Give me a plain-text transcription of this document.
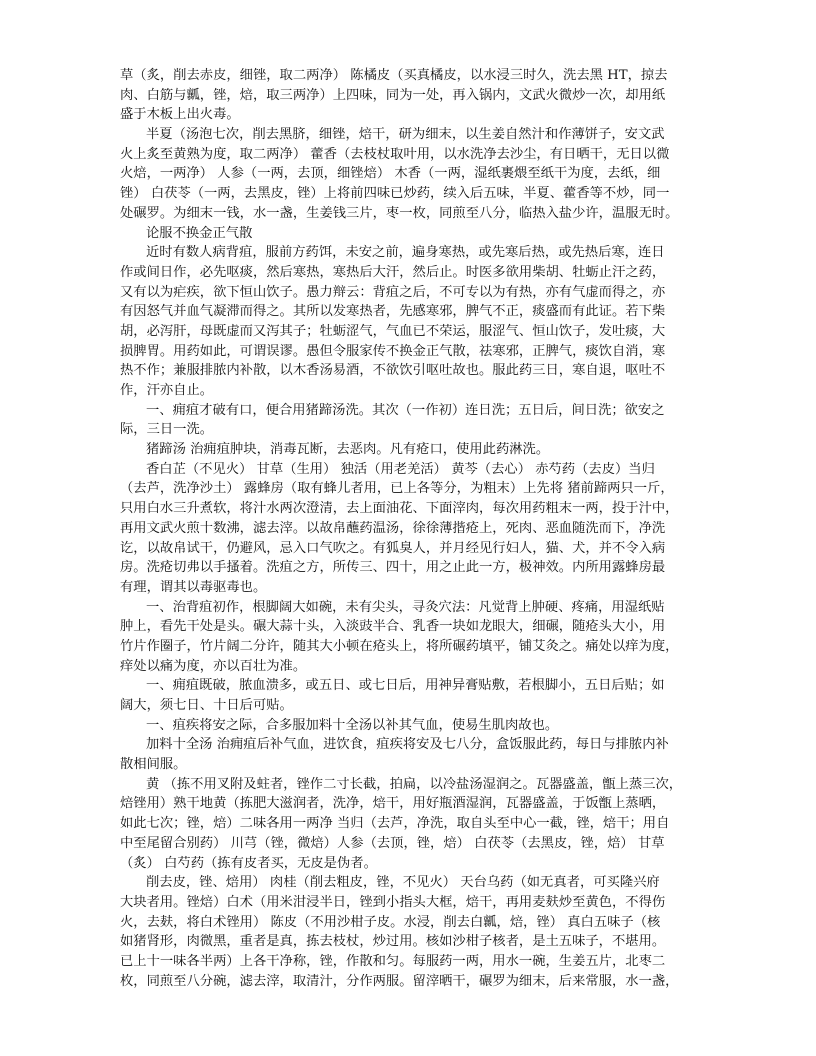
草（炙，削去赤皮，细锉，取二两净） 陈橘皮（买真橘皮，以水浸三时久，洗去黑 HT，掠去
肉、白筋与瓤，锉，焙，取三两净）上四味，同为一处，再入锅内，文武火微炒一次，却用纸
盛于木板上出火毒。
半夏（汤泡七次，削去黑脐，细锉，焙干，研为细末，以生姜自然汁和作薄饼子，安文武
火上炙至黄熟为度，取二两净） 藿香（去枝杖取叶用，以水洗净去沙尘，有日晒干，无日以微
火焙，一两净） 人参（一两，去顶，细锉焙） 木香（一两，湿纸裹煨至纸干为度，去纸，细
锉） 白茯苓（一两，去黑皮，锉）上将前四味已炒药，续入后五味，半夏、藿香等不炒，同一
处碾罗。为细末一钱，水一盏，生姜钱三片，枣一枚，同煎至八分，临热入盐少许，温服无时。
论服不换金正气散
近时有数人病背疽，服前方药饵，未安之前，遍身寒热，或先寒后热，或先热后寒，连日
作或间日作，必先呕痰，然后寒热，寒热后大汗，然后止。时医多欲用柴胡、牡蛎止汗之药，
又有以为疟疾，欲下恒山饮子。愚力辩云：背疽之后，不可专以为有热，亦有气虚而得之，亦
有因怒气并血气凝滞而得之。其所以发寒热者，先感寒邪，脾气不正，痰盛而有此证。若下柴
胡，必泻肝，母既虚而又泻其子；牡蛎涩气，气血已不荣运，服涩气、恒山饮子，发吐痰，大
损脾胃。用药如此，可谓误谬。愚但令服家传不换金正气散，祛寒邪，正脾气，痰饮自消，寒
热不作；兼服排脓内补散，以木香汤易酒，不欲饮引呕吐故也。服此药三日，寒自退，呕吐不
作，汗亦自止。
一、痈疽才破有口，便合用猪蹄汤洗。其次（一作初）连日洗；五日后，间日洗；欲安之
际，三日一洗。
猪蹄汤 治痈疽肿块，消毒瓦断，去恶肉。凡有疮口，使用此药淋洗。
香白芷（不见火） 甘草（生用） 独活（用老羌活） 黄芩（去心） 赤芍药（去皮）当归
（去芦，洗净沙土） 露蜂房（取有蜂儿者用，已上各等分，为粗末）上先将 猪前蹄两只一斤，
只用白水三升煮软，将汁水两次澄清，去上面油花、下面滓肉，每次用药粗末一两，投于汁中，
再用文武火煎十数沸，滤去滓。以故帛蘸药温汤，徐徐薄揩疮上，死肉、恶血随洗而下，净洗
讫，以故帛试干，仍避风，忌入口气吹之。有狐臭人，并月经见行妇人，猫、犬，并不令入病
房。洗疮切弗以手搔着。洗疽之方，所传三、四十，用之止此一方，极神效。内所用露蜂房最
有理，谓其以毒驱毒也。
一、治背疽初作，根脚阔大如碗，未有尖头，寻灸穴法：凡觉背上肿硬、疼痛，用湿纸贴
肿上，看先干处是头。碾大蒜十头，入淡豉半合、乳香一块如龙眼大，细碾，随疮头大小，用
竹片作圈子，竹片阔二分许，随其大小顿在疮头上，将所碾药填平，铺艾灸之。痛处以痒为度，
痒处以痛为度，亦以百壮为准。
一、痈疽既破，脓血溃多，或五日、或七日后，用神异膏贴敷，若根脚小，五日后贴；如
阔大，须七日、十日后可贴。
一、疽疾将安之际，合多服加料十全汤以补其气血，使易生肌肉故也。
加料十全汤 治痈疽后补气血，进饮食，疽疾将安及七八分，盒饭服此药，每日与排脓内补
散相间服。
黄 （拣不用叉附及蛀者，锉作二寸长截，拍扁，以冷盐汤湿润之。瓦器盛盖，甑上蒸三次，
焙锉用）熟干地黄（拣肥大滋润者，洗净，焙干，用好瓶酒湿润，瓦器盛盖，于饭甑上蒸晒，
如此七次；锉，焙）二味各用一两净 当归（去芦，净洗，取自头至中心一截，锉，焙干；用自
中至尾留合别药） 川芎（锉，微焙）人参（去顶，锉，焙） 白茯苓（去黑皮，锉，焙） 甘草
（炙） 白芍药（拣有皮者买，无皮是伪者。
削去皮，锉、焙用） 肉桂（削去粗皮，锉，不见火） 天台乌药（如无真者，可买隆兴府
大块者用。锉焙）白术（用米泔浸半日，锉到小指头大框，焙干，再用麦麸炒至黄色，不得伤
火，去麸，将白术锉用） 陈皮（不用沙柑子皮。水浸，削去白瓤，焙，锉） 真白五味子（核
如猪肾形，肉微黑，重者是真，拣去枝杖，炒过用。核如沙柑子核者，是土五味子，不堪用。
已上十一味各半两）上各干净称，锉，作散和匀。每服药一两，用水一碗，生姜五片，北枣二
枚，同煎至八分碗，滤去滓，取清汁，分作两服。留滓晒干，碾罗为细末，后来常服，水一盏，
